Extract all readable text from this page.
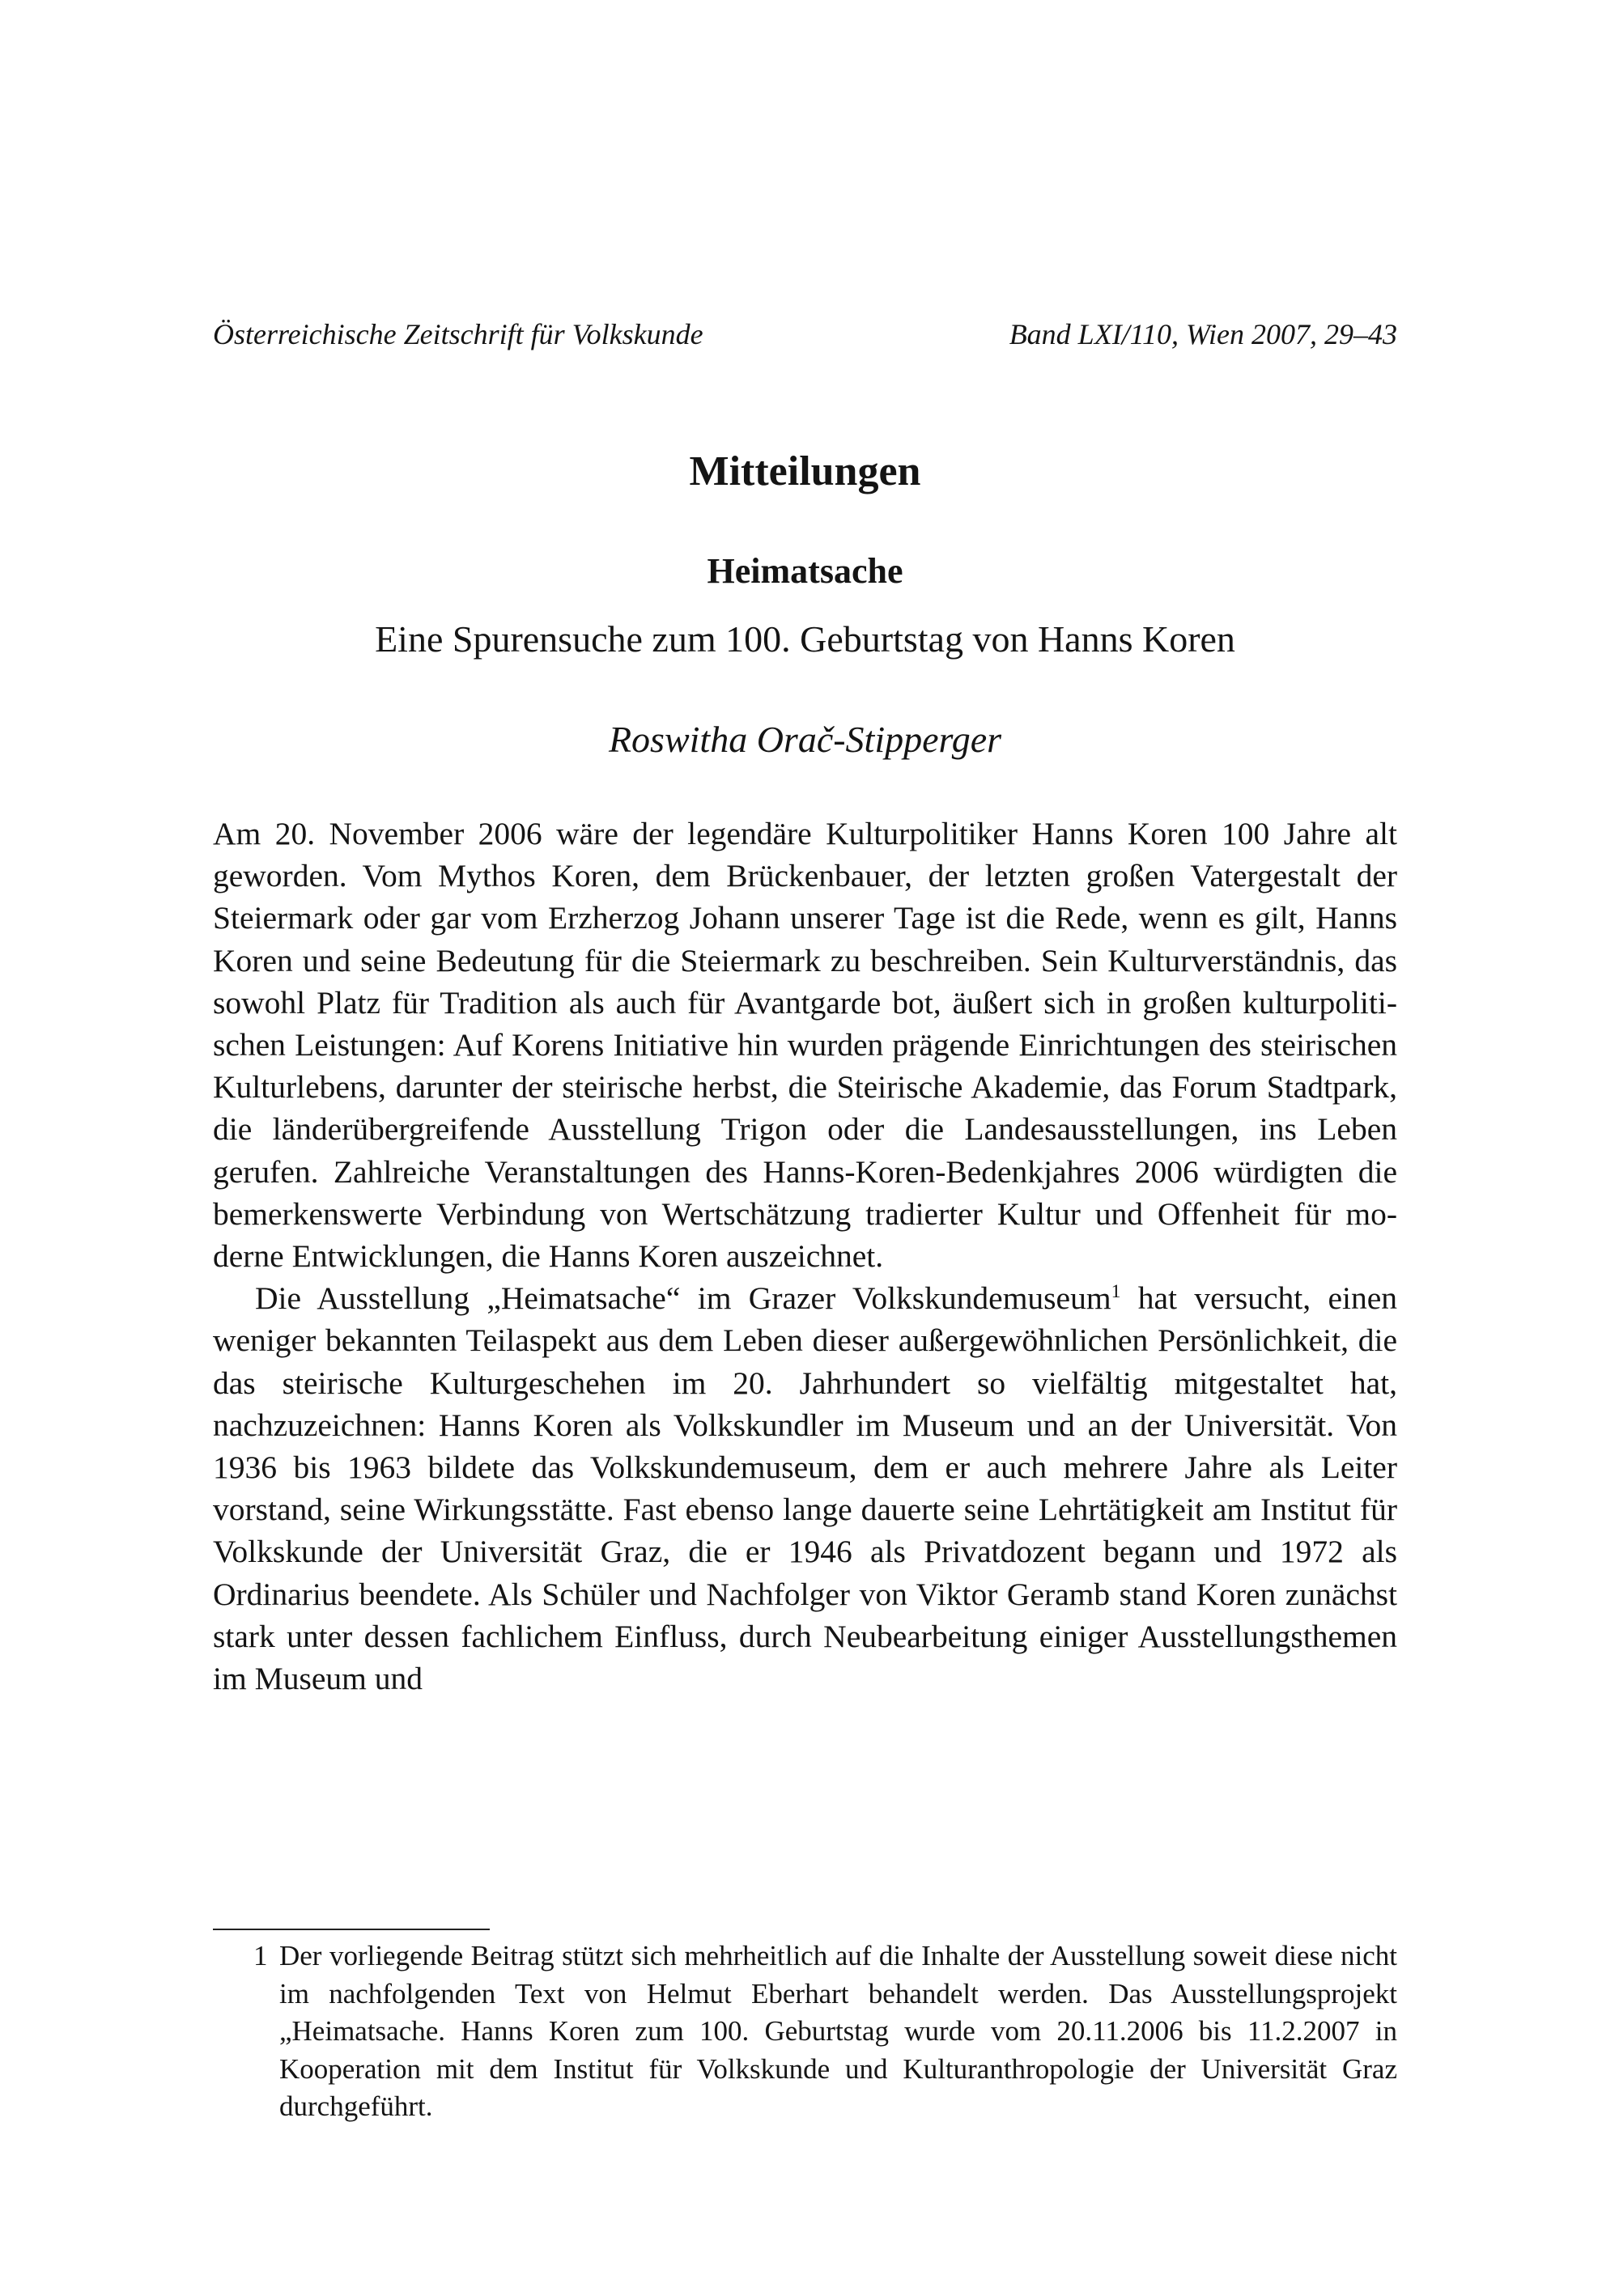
Österreichische Zeitschrift für Volkskunde	Band LXI/110, Wien 2007, 29–43
Mitteilungen
Heimatsache
Eine Spurensuche zum 100. Geburtstag von Hanns Koren
Roswitha Orač-Stipperger

Am 20. November 2006 wäre der legendäre Kulturpolitiker Hanns Koren 100 Jahre alt geworden. Vom Mythos Koren, dem Brückenbauer, der letzten großen Vatergestalt der Steiermark oder gar vom Erzherzog Johann unserer Tage ist die Rede, wenn es gilt, Hanns Koren und seine Bedeutung für die Steiermark zu beschreiben. Sein Kulturverständnis, das sowohl Platz für Tradition als auch für Avantgarde bot, äußert sich in großen kulturpolitischen Leistungen: Auf Korens Initiative hin wurden prägende Einrichtungen des steirischen Kulturlebens, darunter der steirische herbst, die Steirische Akademie, das Forum Stadtpark, die länderübergreifende Ausstellung Trigon oder die Landesausstellungen, ins Leben gerufen. Zahlreiche Veranstaltungen des Hanns-Koren-Bedenkjahres 2006 würdigten die bemerkenswerte Verbindung von Wertschätzung tradierter Kultur und Offenheit für moderne Entwicklungen, die Hanns Koren auszeichnet.

Die Ausstellung „Heimatsache“ im Grazer Volkskundemuseum$^1$ hat versucht, einen weniger bekannten Teilaspekt aus dem Leben dieser außergewöhnlichen Persönlichkeit, die das steirische Kulturgeschehen im 20. Jahrhundert so vielfältig mitgestaltet hat, nachzuzeichnen: Hanns Koren als Volkskundler im Museum und an der Universität. Von 1936 bis 1963 bildete das Volkskundemuseum, dem er auch mehrere Jahre als Leiter vorstand, seine Wirkungsstätte. Fast ebenso lange dauerte seine Lehrtätigkeit am Institut für Volkskunde der Universität Graz, die er 1946 als Privatdozent begann und 1972 als Ordinarius beendete. Als Schüler und Nachfolger von Viktor Geramb stand Koren zunächst stark unter dessen fachlichem Einfluss, durch Neubearbeitung einiger Ausstellungsthemen im Museum und

1 Der vorliegende Beitrag stützt sich mehrheitlich auf die Inhalte der Ausstellung soweit diese nicht im nachfolgenden Text von Helmut Eberhart behandelt werden. Das Ausstellungsprojekt „Heimatsache. Hanns Koren zum 100. Geburtstag wurde vom 20.11.2006 bis 11.2.2007 in Kooperation mit dem Institut für Volkskunde und Kulturanthropologie der Universität Graz durchgeführt.
